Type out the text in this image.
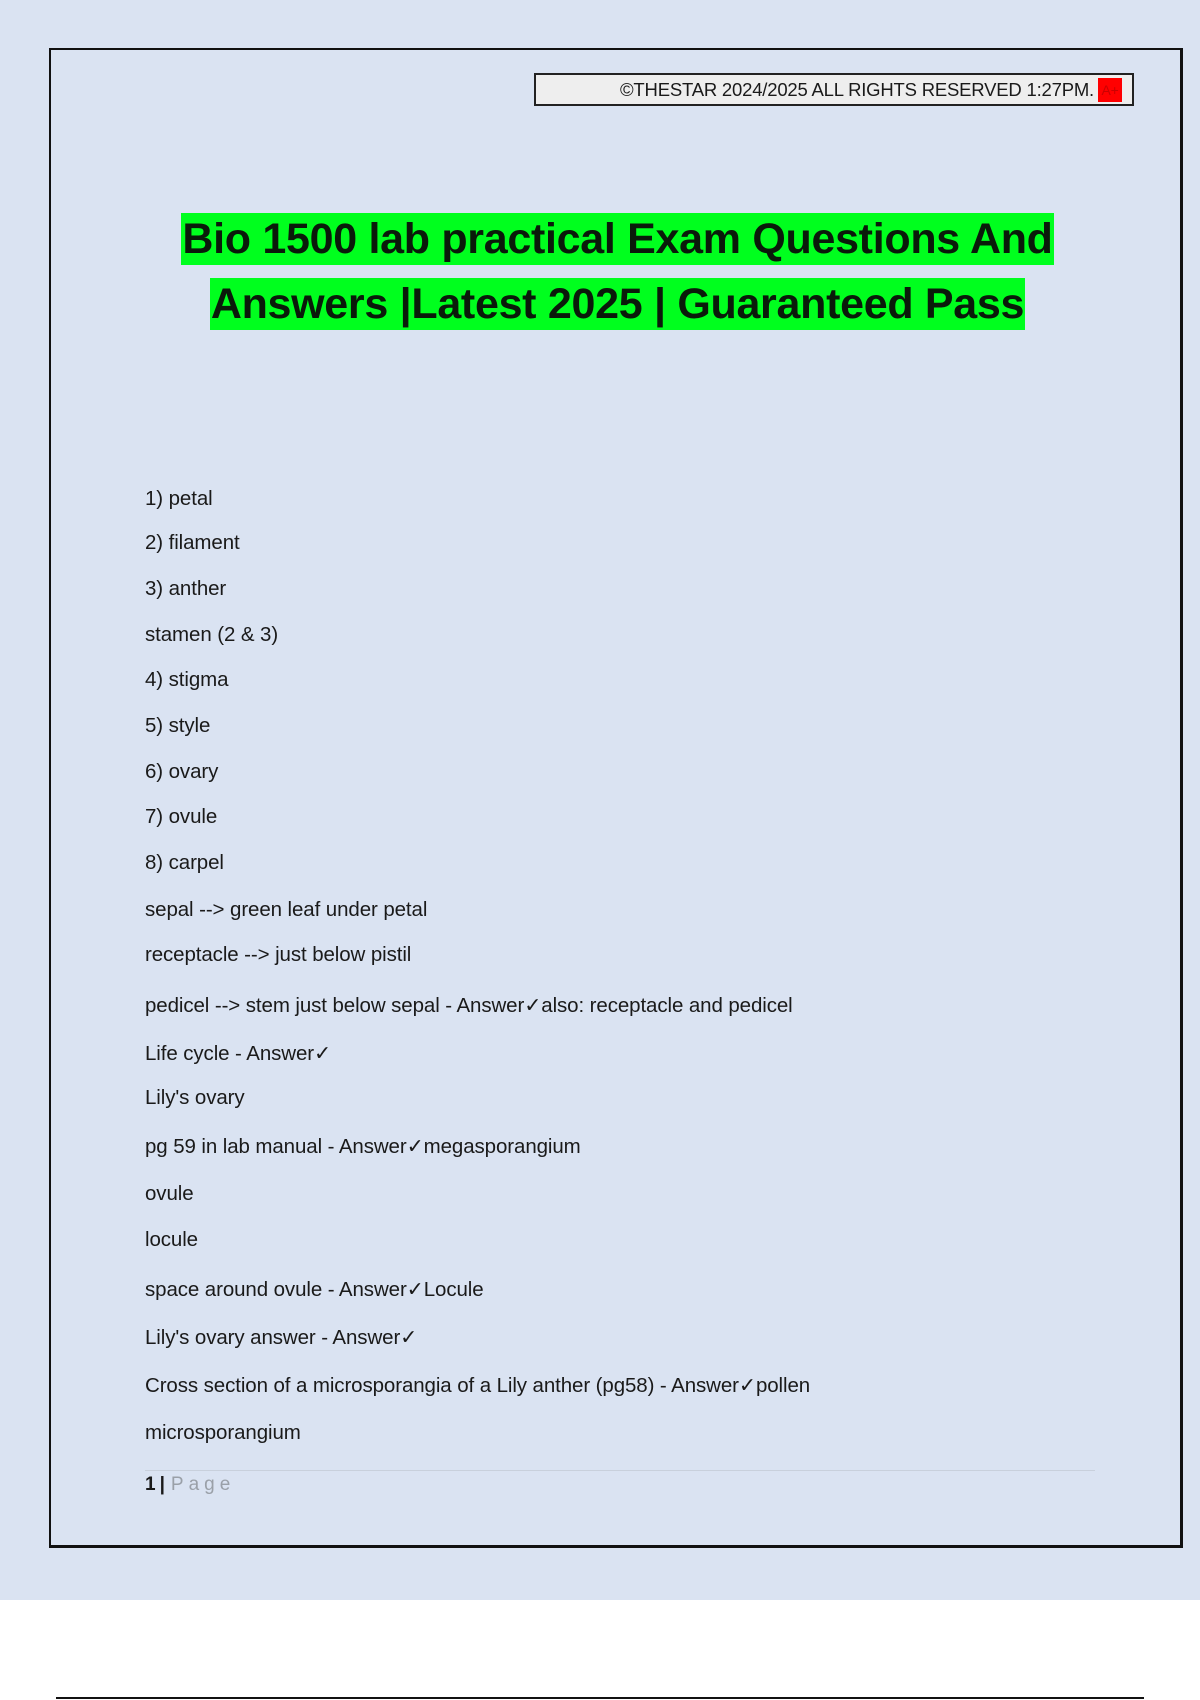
©THESTAR 2024/2025 ALL RIGHTS RESERVED 1:27PM. A+
Bio 1500 lab practical Exam Questions And
Answers |Latest 2025 | Guaranteed Pass
1) petal
2) filament
3) anther
stamen (2 & 3)
4) stigma
5) style
6) ovary
7) ovule
8) carpel
sepal --> green leaf under petal
receptacle --> just below pistil
pedicel --> stem just below sepal - Answer✓also: receptacle and pedicel
Life cycle - Answer✓
Lily's ovary
pg 59 in lab manual - Answer✓megasporangium
ovule
locule
space around ovule - Answer✓Locule
Lily's ovary answer - Answer✓
Cross section of a microsporangia of a Lily anther (pg58) - Answer✓pollen
microsporangium
1 | Page
